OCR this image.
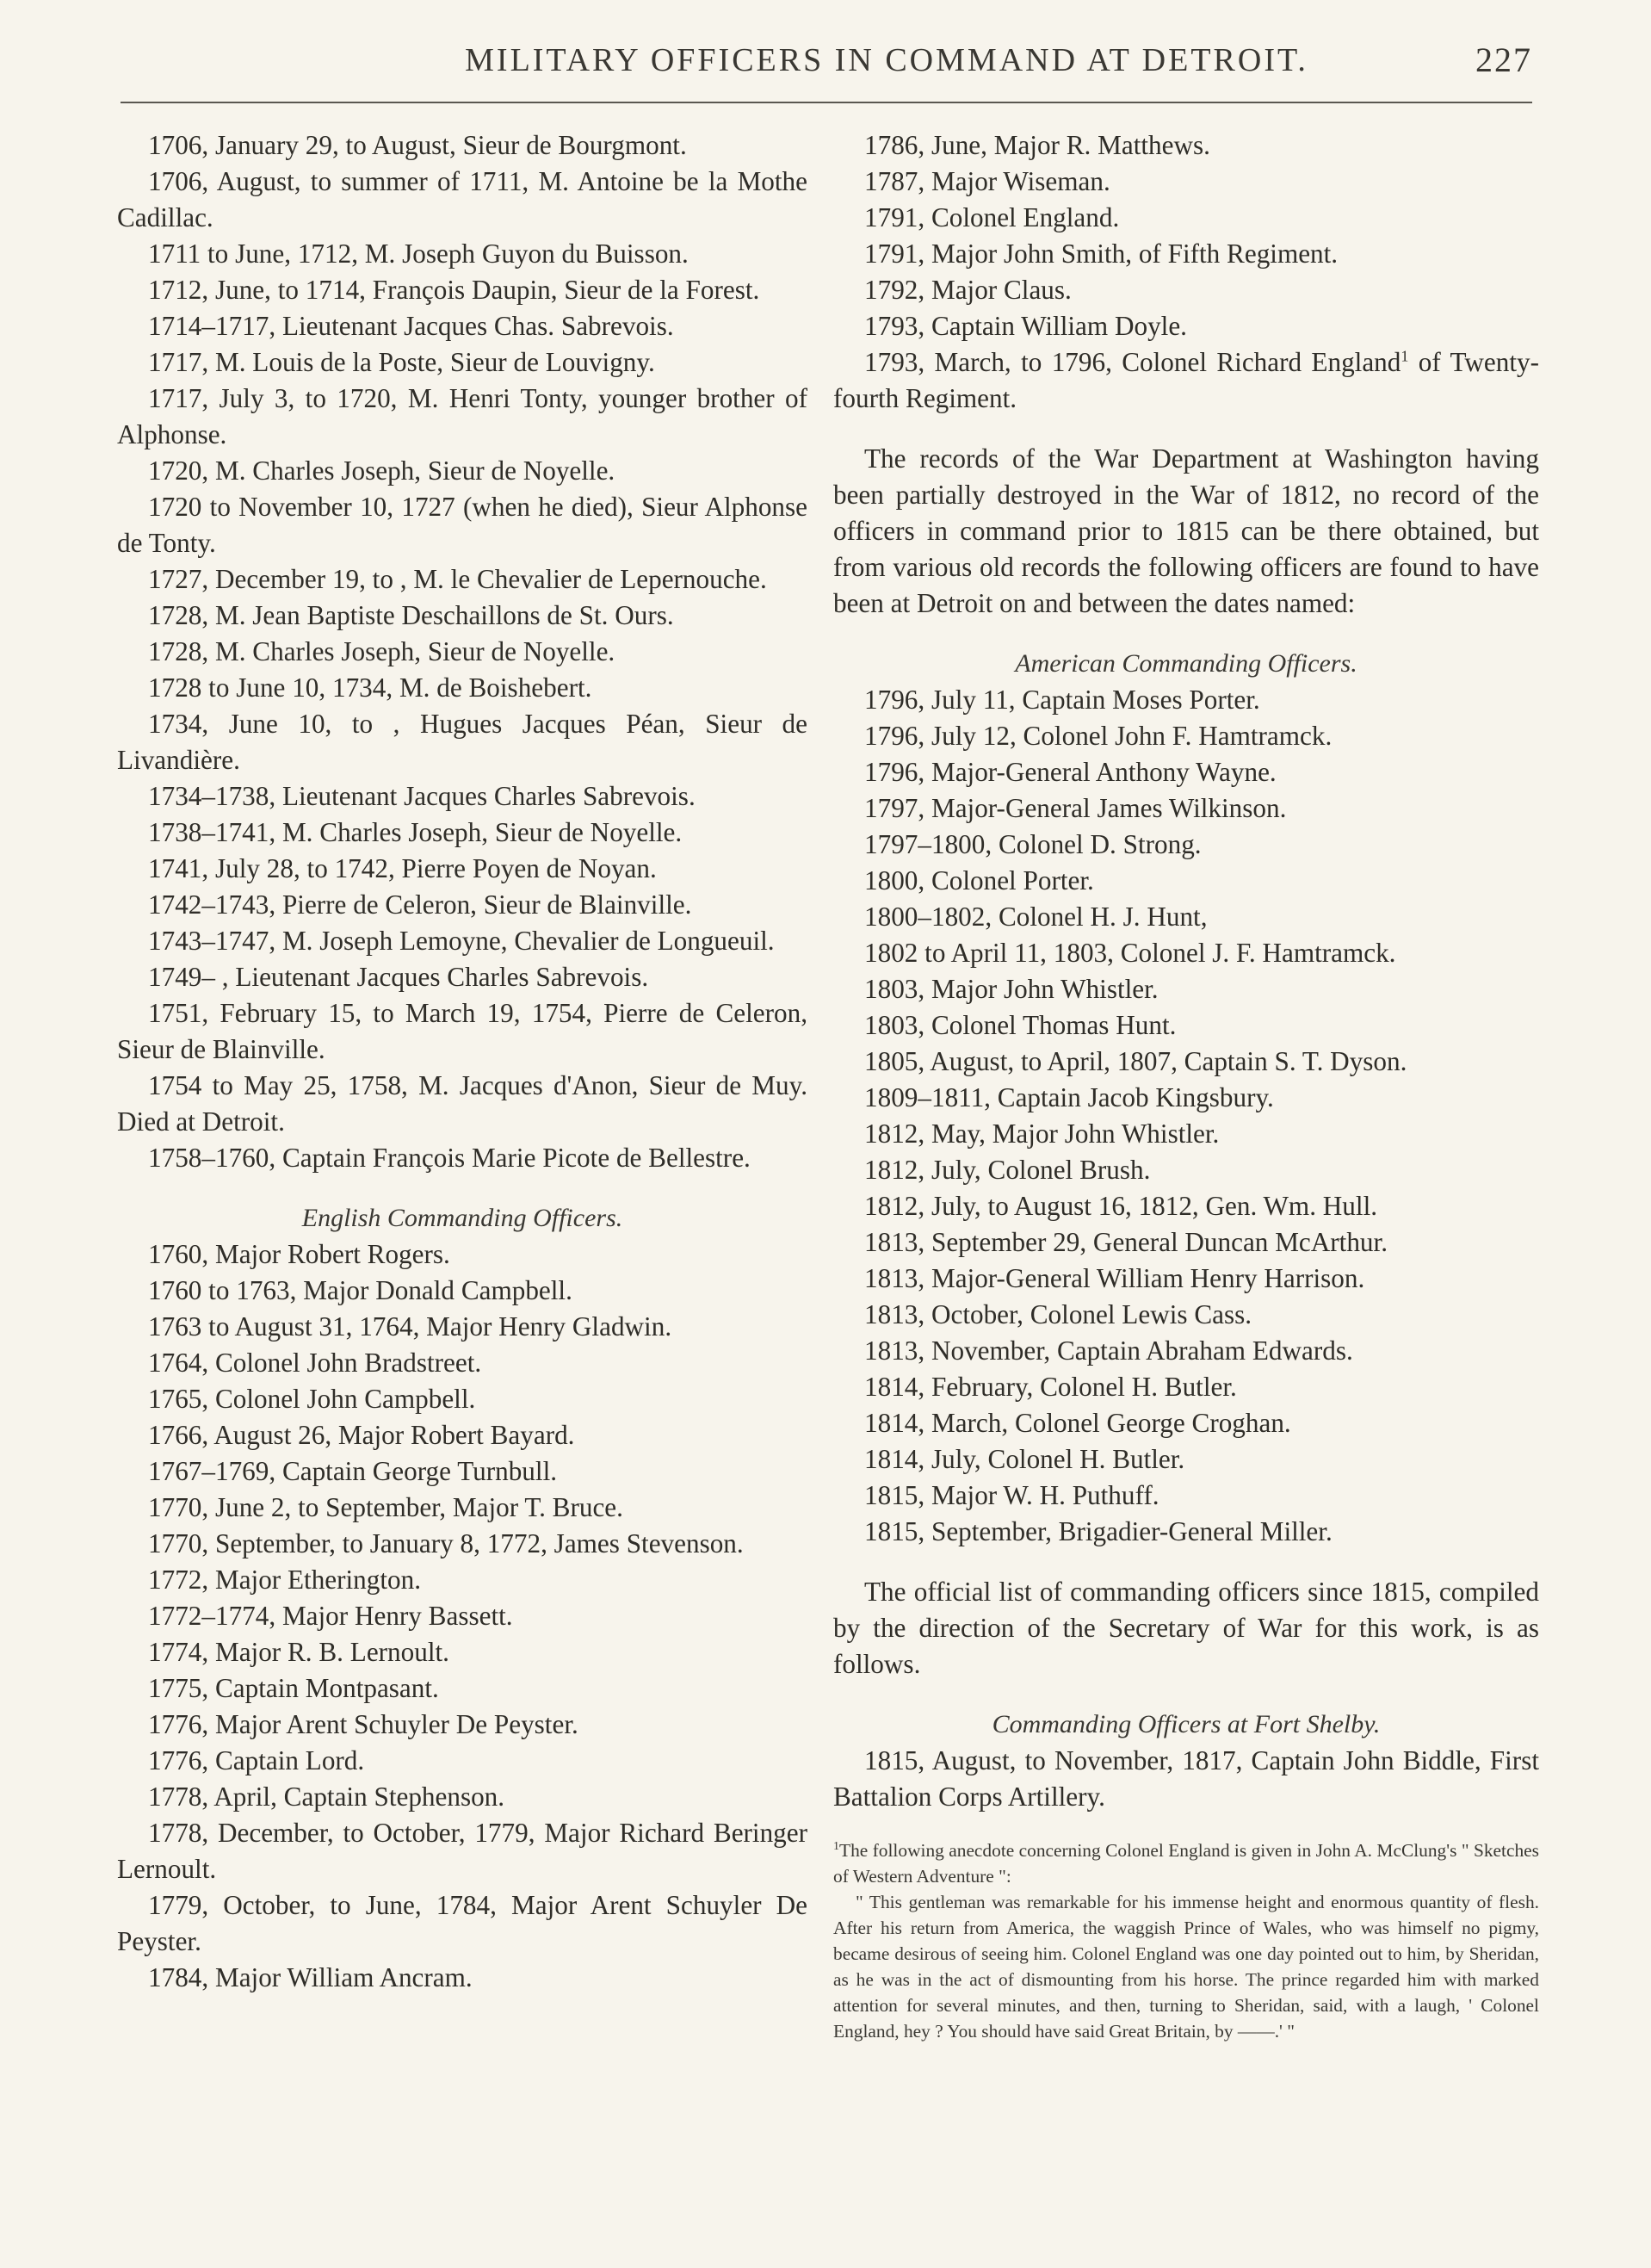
MILITARY OFFICERS IN COMMAND AT DETROIT.	227

1706, January 29, to August, Sieur de Bourgmont.

1706, August, to summer of 1711, M. Antoine be la Mothe Cadillac.

1711 to June, 1712, M. Joseph Guyon du Buisson.

1712, June, to 1714, François Daupin, Sieur de la Forest.

1714–1717, Lieutenant Jacques Chas. Sabrevois.

1717, M. Louis de la Poste, Sieur de Louvigny.

1717, July 3, to 1720, M. Henri Tonty, younger brother of Alphonse.

1720, M. Charles Joseph, Sieur de Noyelle.

1720 to November 10, 1727 (when he died), Sieur Alphonse de Tonty.

1727, December 19, to , M. le Chevalier de Lepernouche.

1728, M. Jean Baptiste Deschaillons de St. Ours.

1728, M. Charles Joseph, Sieur de Noyelle.

1728 to June 10, 1734, M. de Boishebert.

1734, June 10, to , Hugues Jacques Péan, Sieur de Livandière.

1734–1738, Lieutenant Jacques Charles Sabrevois.

1738–1741, M. Charles Joseph, Sieur de Noyelle.

1741, July 28, to 1742, Pierre Poyen de Noyan.

1742–1743, Pierre de Celeron, Sieur de Blainville.

1743–1747, M. Joseph Lemoyne, Chevalier de Longueuil.

1749– , Lieutenant Jacques Charles Sabrevois.

1751, February 15, to March 19, 1754, Pierre de Celeron, Sieur de Blainville.

1754 to May 25, 1758, M. Jacques d'Anon, Sieur de Muy. Died at Detroit.

1758–1760, Captain François Marie Picote de Bellestre.

English Commanding Officers.

1760, Major Robert Rogers.

1760 to 1763, Major Donald Campbell.

1763 to August 31, 1764, Major Henry Gladwin.

1764, Colonel John Bradstreet.

1765, Colonel John Campbell.

1766, August 26, Major Robert Bayard.

1767–1769, Captain George Turnbull.

1770, June 2, to September, Major T. Bruce.

1770, September, to January 8, 1772, James Stevenson.

1772, Major Etherington.

1772–1774, Major Henry Bassett.

1774, Major R. B. Lernoult.

1775, Captain Montpasant.

1776, Major Arent Schuyler De Peyster.

1776, Captain Lord.

1778, April, Captain Stephenson.

1778, December, to October, 1779, Major Richard Beringer Lernoult.

1779, October, to June, 1784, Major Arent Schuyler De Peyster.

1784, Major William Ancram.

1786, June, Major R. Matthews.

1787, Major Wiseman.

1791, Colonel England.

1791, Major John Smith, of Fifth Regiment.

1792, Major Claus.

1793, Captain William Doyle.

1793, March, to 1796, Colonel Richard England$^1$ of Twenty-fourth Regiment.

The records of the War Department at Washington having been partially destroyed in the War of 1812, no record of the officers in command prior to 1815 can be there obtained, but from various old records the following officers are found to have been at Detroit on and between the dates named:

American Commanding Officers.

1796, July 11, Captain Moses Porter.

1796, July 12, Colonel John F. Hamtramck.

1796, Major-General Anthony Wayne.

1797, Major-General James Wilkinson.

1797–1800, Colonel D. Strong.

1800, Colonel Porter.

1800–1802, Colonel H. J. Hunt,

1802 to April 11, 1803, Colonel J. F. Hamtramck.

1803, Major John Whistler.

1803, Colonel Thomas Hunt.

1805, August, to April, 1807, Captain S. T. Dyson.

1809–1811, Captain Jacob Kingsbury.

1812, May, Major John Whistler.

1812, July, Colonel Brush.

1812, July, to August 16, 1812, Gen. Wm. Hull.

1813, September 29, General Duncan McArthur.

1813, Major-General William Henry Harrison.

1813, October, Colonel Lewis Cass.

1813, November, Captain Abraham Edwards.

1814, February, Colonel H. Butler.

1814, March, Colonel George Croghan.

1814, July, Colonel H. Butler.

1815, Major W. H. Puthuff.

1815, September, Brigadier-General Miller.

The official list of commanding officers since 1815, compiled by the direction of the Secretary of War for this work, is as follows.

Commanding Officers at Fort Shelby.

1815, August, to November, 1817, Captain John Biddle, First Battalion Corps Artillery.

$^1$The following anecdote concerning Colonel England is given in John A. McClung's " Sketches of Western Adventure ":

" This gentleman was remarkable for his immense height and enormous quantity of flesh. After his return from America, the waggish Prince of Wales, who was himself no pigmy, became desirous of seeing him. Colonel England was one day pointed out to him, by Sheridan, as he was in the act of dismounting from his horse. The prince regarded him with marked attention for several minutes, and then, turning to Sheridan, said, with a laugh, ' Colonel England, hey ? You should have said Great Britain, by ——.' "
